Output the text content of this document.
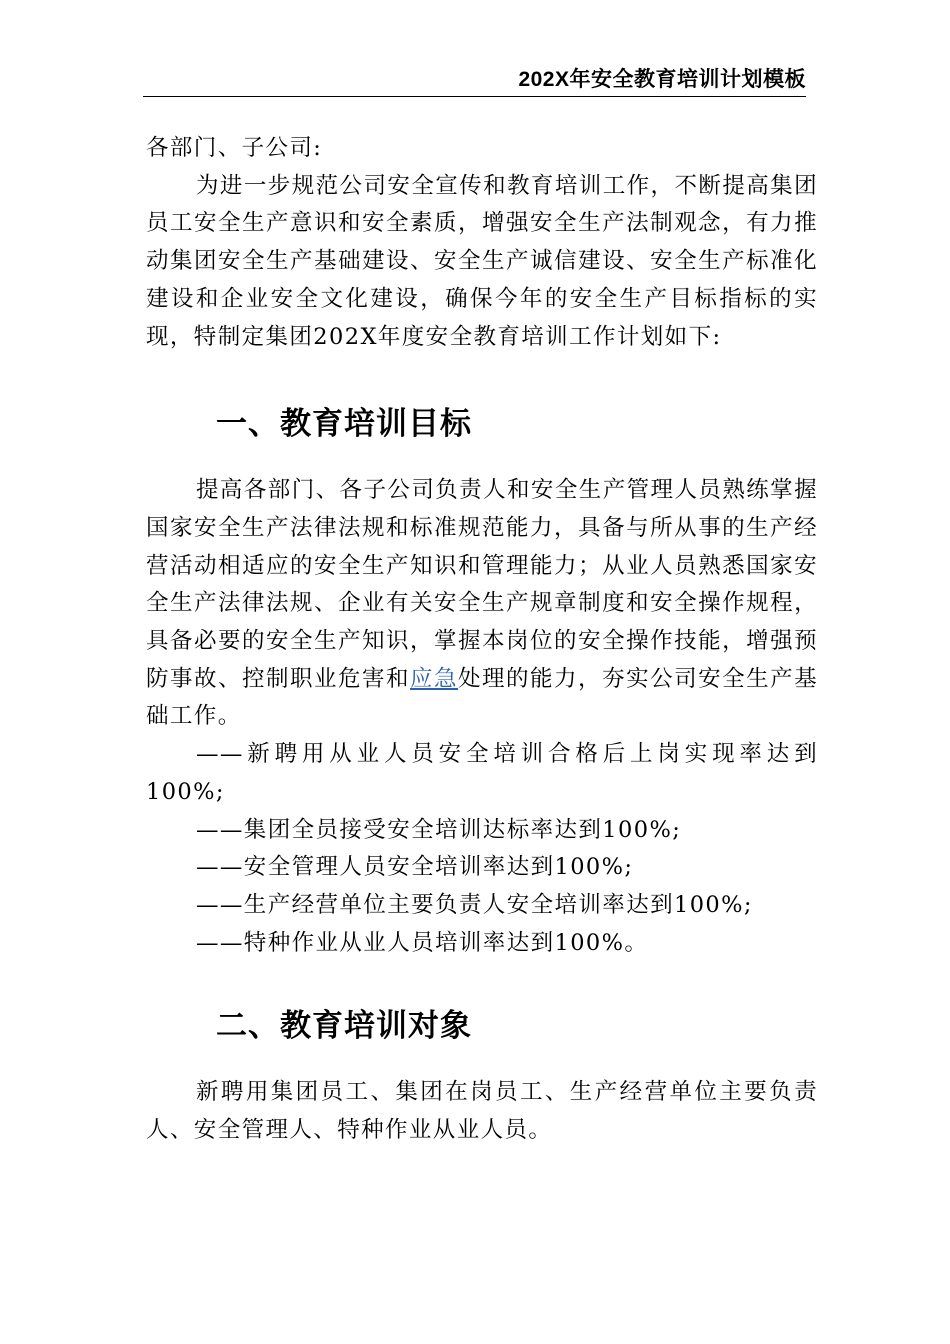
202X年安全教育培训计划模板

各部门、子公司:

为进一步规范公司安全宣传和教育培训工作，不断提高集团员工安全生产意识和安全素质，增强安全生产法制观念，有力推动集团安全生产基础建设、安全生产诚信建设、安全生产标准化建设和企业安全文化建设，确保今年的安全生产目标指标的实现，特制定集团202X年度安全教育培训工作计划如下:

一、教育培训目标

提高各部门、各子公司负责人和安全生产管理人员熟练掌握国家安全生产法律法规和标准规范能力，具备与所从事的生产经营活动相适应的安全生产知识和管理能力；从业人员熟悉国家安全生产法律法规、企业有关安全生产规章制度和安全操作规程，具备必要的安全生产知识，掌握本岗位的安全操作技能，增强预防事故、控制职业危害和应急处理的能力，夯实公司安全生产基础工作。

——新聘用从业人员安全培训合格后上岗实现率达到100%;

——集团全员接受安全培训达标率达到100%;

——安全管理人员安全培训率达到100%;

——生产经营单位主要负责人安全培训率达到100%;

——特种作业从业人员培训率达到100%。

二、教育培训对象

新聘用集团员工、集团在岗员工、生产经营单位主要负责人、安全管理人、特种作业从业人员。
